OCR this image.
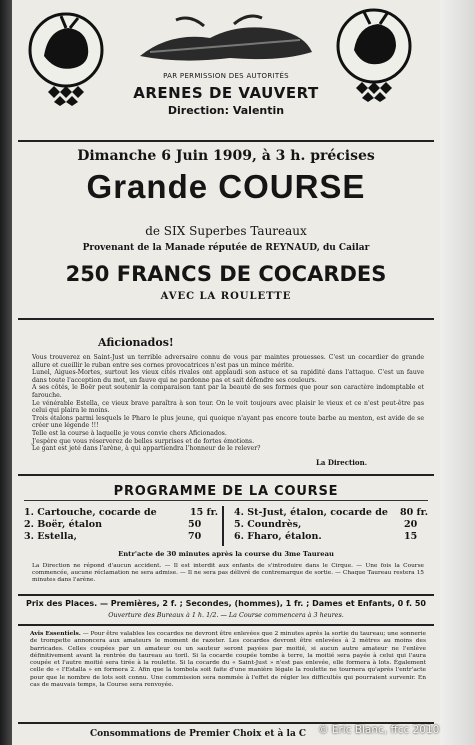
PAR PERMISSION DES AUTORITÉS
ARENES DE VAUVERT
Direction: Valentin
Dimanche 6 Juin 1909, à 3 h. précises
Grande COURSE
de SIX Superbes Taureaux
Provenant de la Manade réputée de REYNAUD, du Cailar
250 FRANCS DE COCARDES
AVEC LA ROULETTE
Aficionados!

Vous trouverez en Saint-Just un terrible adversaire connu de vous par maintes prouesses. C'est un cocardier de grande allure et cueillir le ruban entre ses cornes provocatrices n'est pas un mince mérite.

Lunel, Aigues-Mortes, surtout les vieux cités rivales ont applaudi son astuce et sa rapidité dans l'attaque. C'est un fauve dans toute l'acception du mot, un fauve qui ne pardonne pas et sait défendre ses couleurs.

A ses côtés, le Boër peut soutenir la comparaison tant par la beauté de ses formes que pour son caractère indomptable et farouche.

Le vénérable Estella, ce vieux brave paraîtra à son tour. On le voit toujours avec plaisir le vieux et ce n'est peut-être pas celui qui plaira le moins.

Trois étalons parmi lesquels le Pharo le plus jeune, qui quoique n'ayant pas encore toute barbe au menton, est avide de se créer une légende !!!

Telle est la course à laquelle je vous convie chers Aficionados.

J'espère que vous réserverez de belles surprises et de fortes émotions.

Le gant est jeté dans l'arène, à qui appartiendra l'honneur de le relever?

La Direction.
PROGRAMME DE LA COURSE
1. Cartouche, cocarde de	15 fr.
2. Boër, étalon	50
3. Estella,	70
4. St-Just, étalon, cocarde de 80 fr.
5. Coundrès,	20
6. Fharo, étalon.	15
Entr'acte de 30 minutes après la course du 3me Taureau
La Direction ne répond d'aucun accident. — Il est interdit aux enfants de s'introduire dans le Cirque. — Une fois la Course commencée, aucune réclamation ne sera admise. — Il ne sera pas délivré de contremarque de sortie. — Chaque Taureau restera 15 minutes dans l'arène.
Prix des Places. — Premières, 2 f. ; Secondes, (hommes), 1 fr. ; Dames et Enfants, 0 f. 50
Ouverture des Bureaux à 1 h. 1/2. — La Course commencera à 3 heures.
Avis Essentiels. — Pour être valables les cocardes ne devront être enlevées que 2 minutes après la sortie du taureau; une sonnerie de trompette annoncera aux amateurs le moment de razeter. Les cocardes devront être enlevées à 2 mètres au moins des barricades. Celles coupées par un amateur ou un sauteur seront payées par moitié, si aucun autre amateur ne l'enlève définitivement avant la rentrée du taureau au toril. Si la cocarde coupée tombe à terre, la moitié sera payée à celui qui l'aura coupée et l'autre moitié sera tirée à la roulette. Si la cocarde du « Saint-Just » n'est pas enlevée, elle formera à lots. Également celle de « l'Estalla » en formera 2. Afin que la tombola soit faite d'une manière légale la roulette ne tournera qu'après l'entr'acte pour que le nombre de lots soit connu. Une commission sera nommée à l'effet de régler les difficultés qui pourraient survenir. En cas de mauvais temps, la Course sera renvoyée.
Consommations de Premier Choix et à la C © Eric Blanc, ffcc 2010
